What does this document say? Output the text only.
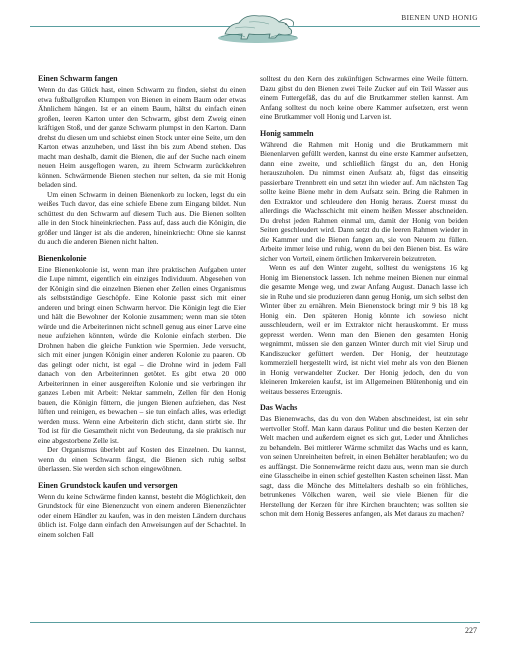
BIENEN UND HONIG
Einen Schwarm fangen

Wenn du das Glück hast, einen Schwarm zu finden, siehst du einen etwa fußballgroßen Klumpen von Bienen in einem Baum oder etwas Ähnlichem hängen. Ist er an einem Baum, hältst du einfach einen großen, leeren Karton unter den Schwarm, gibst dem Zweig einen kräftigen Stoß, und der ganze Schwarm plumpst in den Karton. Dann drehst du diesen um und schiebst einen Stock unter eine Seite, um den Karton etwas anzuheben, und lässt ihn bis zum Abend stehen. Das macht man deshalb, damit die Bienen, die auf der Suche nach einem neuen Heim ausgeflogen waren, zu ihrem Schwarm zurückkehren können. Schwärmende Bienen stechen nur selten, da sie mit Honig beladen sind.

Um einen Schwarm in deinen Bienenkorb zu locken, legst du ein weißes Tuch davor, das eine schiefe Ebene zum Eingang bildet. Nun schüttest du den Schwarm auf diesem Tuch aus. Die Bienen sollten alle in den Stock hineinkriechen. Pass auf, dass auch die Königin, die größer und länger ist als die anderen, hineinkriecht: Ohne sie kannst du auch die anderen Bienen nicht halten.

Bienenkolonie

Eine Bienenkolonie ist, wenn man ihre praktischen Aufgaben unter die Lupe nimmt, eigentlich ein einziges Individuum. Abgesehen von der Königin sind die einzelnen Bienen eher Zellen eines Organismus als selbstständige Geschöpfe. Eine Kolonie passt sich mit einer anderen und bringt einen Schwarm hervor. Die Königin legt die Eier und hält die Bewohner der Kolonie zusammen; wenn man sie töten würde und die Arbeiterinnen nicht schnell genug aus einer Larve eine neue aufziehen könnten, würde die Kolonie einfach sterben. Die Drohnen haben die gleiche Funktion wie Spermien. Jede versucht, sich mit einer jungen Königin einer anderen Kolonie zu paaren. Ob das gelingt oder nicht, ist egal – die Drohne wird in jedem Fall danach von den Arbeiterinnen getötet. Es gibt etwa 20 000 Arbeiterinnen in einer ausgereiften Kolonie und sie verbringen ihr ganzes Leben mit Arbeit: Nektar sammeln, Zellen für den Honig bauen, die Königin füttern, die jungen Bienen aufziehen, das Nest lüften und reinigen, es bewachen – sie tun einfach alles, was erledigt werden muss. Wenn eine Arbeiterin dich sticht, dann stirbt sie. Ihr Tod ist für die Gesamtheit nicht von Bedeutung, da sie praktisch nur eine abgestorbene Zelle ist.

Der Organismus überlebt auf Kosten des Einzelnen. Du kannst, wenn du einen Schwarm fängst, die Bienen sich ruhig selbst überlassen. Sie werden sich schon eingewöhnen.

Einen Grundstock kaufen und versorgen

Wenn du keine Schwärme finden kannst, besteht die Möglichkeit, den Grundstock für eine Bienenzucht von einem anderen Bienenzüchter oder einem Händler zu kaufen, was in den meisten Ländern durchaus üblich ist. Folge dann einfach den Anweisungen auf der Schachtel. In einem solchen Fall

solltest du den Kern des zukünftigen Schwarmes eine Weile füttern. Dazu gibst du den Bienen zwei Teile Zucker auf ein Teil Wasser aus einem Futtergefäß, das du auf die Brutkammer stellen kannst. Am Anfang solltest du noch keine obere Kammer aufsetzen, erst wenn eine Brutkammer voll Honig und Larven ist.

Honig sammeln

Während die Rahmen mit Honig und die Brutkammern mit Bienenlarven gefüllt werden, kannst du eine erste Kammer aufsetzen, dann eine zweite, und schließlich fängst du an, den Honig herauszuholen. Du nimmst einen Aufsatz ab, fügst das einseitig passierbare Trennbrett ein und setzt ihn wieder auf. Am nächsten Tag sollte keine Biene mehr in dem Aufsatz sein. Bring die Rahmen in den Extraktor und schleudere den Honig heraus. Zuerst musst du allerdings die Wachsschicht mit einem heißen Messer abschneiden. Du drehst jeden Rahmen einmal um, damit der Honig von beiden Seiten geschleudert wird. Dann setzt du die leeren Rahmen wieder in die Kammer und die Bienen fangen an, sie von Neuem zu füllen. Arbeite immer leise und ruhig, wenn du bei den Bienen bist. Es wäre sicher von Vorteil, einem örtlichen Imkerverein beizutreten.

Wenn es auf den Winter zugeht, solltest du wenigstens 16 kg Honig im Bienenstock lassen. Ich nehme meinen Bienen nur einmal die gesamte Menge weg, und zwar Anfang August. Danach lasse ich sie in Ruhe und sie produzieren dann genug Honig, um sich selbst den Winter über zu ernähren. Mein Bienenstock bringt mir 9 bis 18 kg Honig ein. Den späteren Honig könnte ich sowieso nicht ausschleudern, weil er im Extraktor nicht herauskommt. Er muss gepresst werden. Wenn man den Bienen den gesamten Honig wegnimmt, müssen sie den ganzen Winter durch mit viel Sirup und Kandiszucker gefüttert werden. Der Honig, der heutzutage kommerziell hergestellt wird, ist nicht viel mehr als von den Bienen in Honig verwandelter Zucker. Der Honig jedoch, den du von kleineren Imkereien kaufst, ist im Allgemeinen Blütenhonig und ein weitaus besseres Erzeugnis.

Das Wachs

Das Bienenwachs, das du von den Waben abschneidest, ist ein sehr wertvoller Stoff. Man kann daraus Politur und die besten Kerzen der Welt machen und außerdem eignet es sich gut, Leder und Ähnliches zu behandeln. Bei mittlerer Wärme schmilzt das Wachs und es kann, von seinen Unreinheiten befreit, in einen Behälter herablaufen; wo du es auffängst. Die Sonnenwärme reicht dazu aus, wenn man sie durch eine Glasscheibe in einen schief gestellten Kasten scheinen lässt. Man sagt, dass die Mönche des Mittelalters deshalb so ein fröhliches, betrunkenes Völkchen waren, weil sie viele Bienen für die Herstellung der Kerzen für ihre Kirchen brauchten; was sollten sie schon mit dem Honig Besseres anfangen, als Met daraus zu machen?

227
